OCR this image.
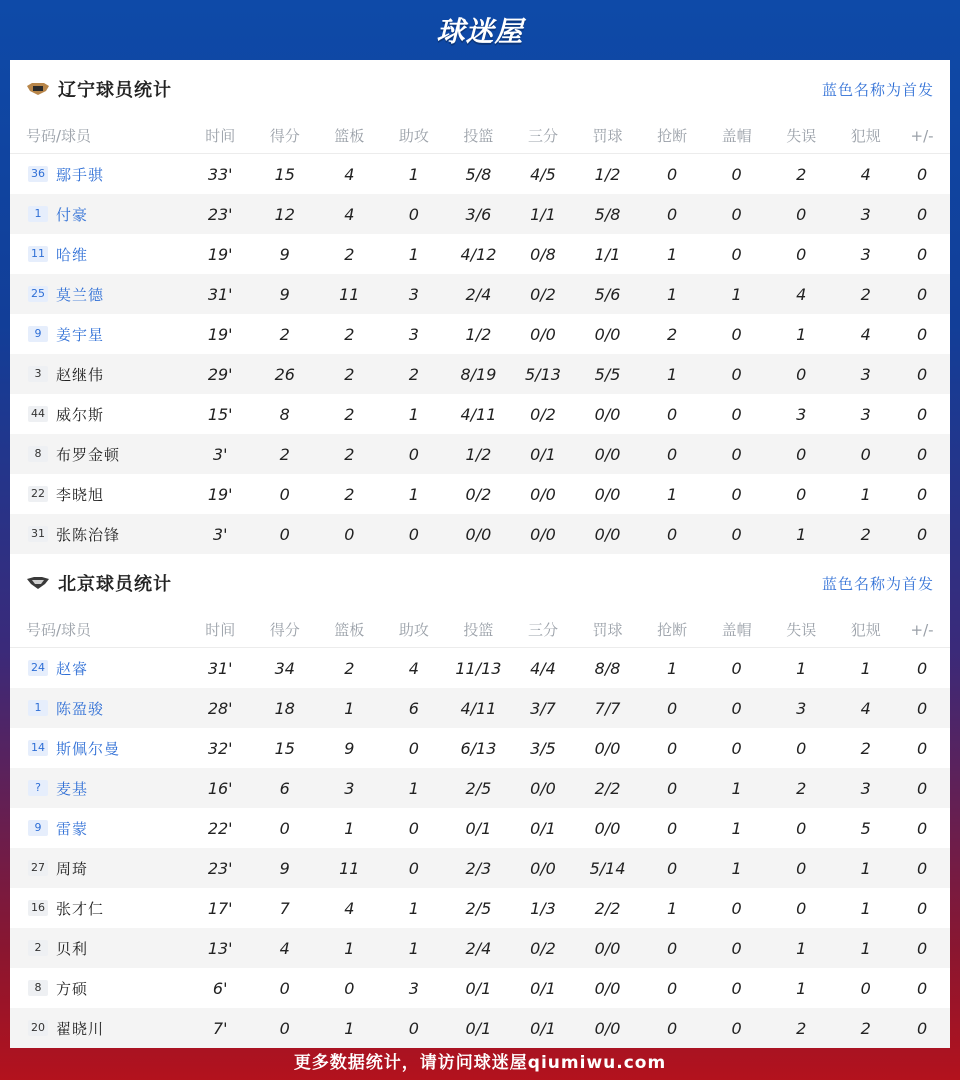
球迷屋
辽宁球员统计	蓝色名称为首发
号码/球员	时间	得分	篮板	助攻	投篮	三分	罚球	抢断	盖帽	失误	犯规	+/-
36 鄢手骐	33'	15	4	1	5/8	4/5	1/2	0	0	2	4	0
1 付豪	23'	12	4	0	3/6	1/1	5/8	0	0	0	3	0
11 哈维	19'	9	2	1	4/12	0/8	1/1	1	0	0	3	0
25 莫兰德	31'	9	11	3	2/4	0/2	5/6	1	1	4	2	0
9 姜宇星	19'	2	2	3	1/2	0/0	0/0	2	0	1	4	0
3 赵继伟	29'	26	2	2	8/19	5/13	5/5	1	0	0	3	0
44 威尔斯	15'	8	2	1	4/11	0/2	0/0	0	0	3	3	0
8 布罗金顿	3'	2	2	0	1/2	0/1	0/0	0	0	0	0	0
22 李晓旭	19'	0	2	1	0/2	0/0	0/0	1	0	0	1	0
31 张陈治锋	3'	0	0	0	0/0	0/0	0/0	0	0	1	2	0
北京球员统计	蓝色名称为首发
号码/球员	时间	得分	篮板	助攻	投篮	三分	罚球	抢断	盖帽	失误	犯规	+/-
24 赵睿	31'	34	2	4	11/13	4/4	8/8	1	0	1	1	0
1 陈盈骏	28'	18	1	6	4/11	3/7	7/7	0	0	3	4	0
14 斯佩尔曼	32'	15	9	0	6/13	3/5	0/0	0	0	0	2	0
? 麦基	16'	6	3	1	2/5	0/0	2/2	0	1	2	3	0
9 雷蒙	22'	0	1	0	0/1	0/1	0/0	0	1	0	5	0
27 周琦	23'	9	11	0	2/3	0/0	5/14	0	1	0	1	0
16 张才仁	17'	7	4	1	2/5	1/3	2/2	1	0	0	1	0
2 贝利	13'	4	1	1	2/4	0/2	0/0	0	0	1	1	0
8 方硕	6'	0	0	3	0/1	0/1	0/0	0	0	1	0	0
20 翟晓川	7'	0	1	0	0/1	0/1	0/0	0	0	2	2	0
更多数据统计，请访问球迷屋qiumiwu.com
